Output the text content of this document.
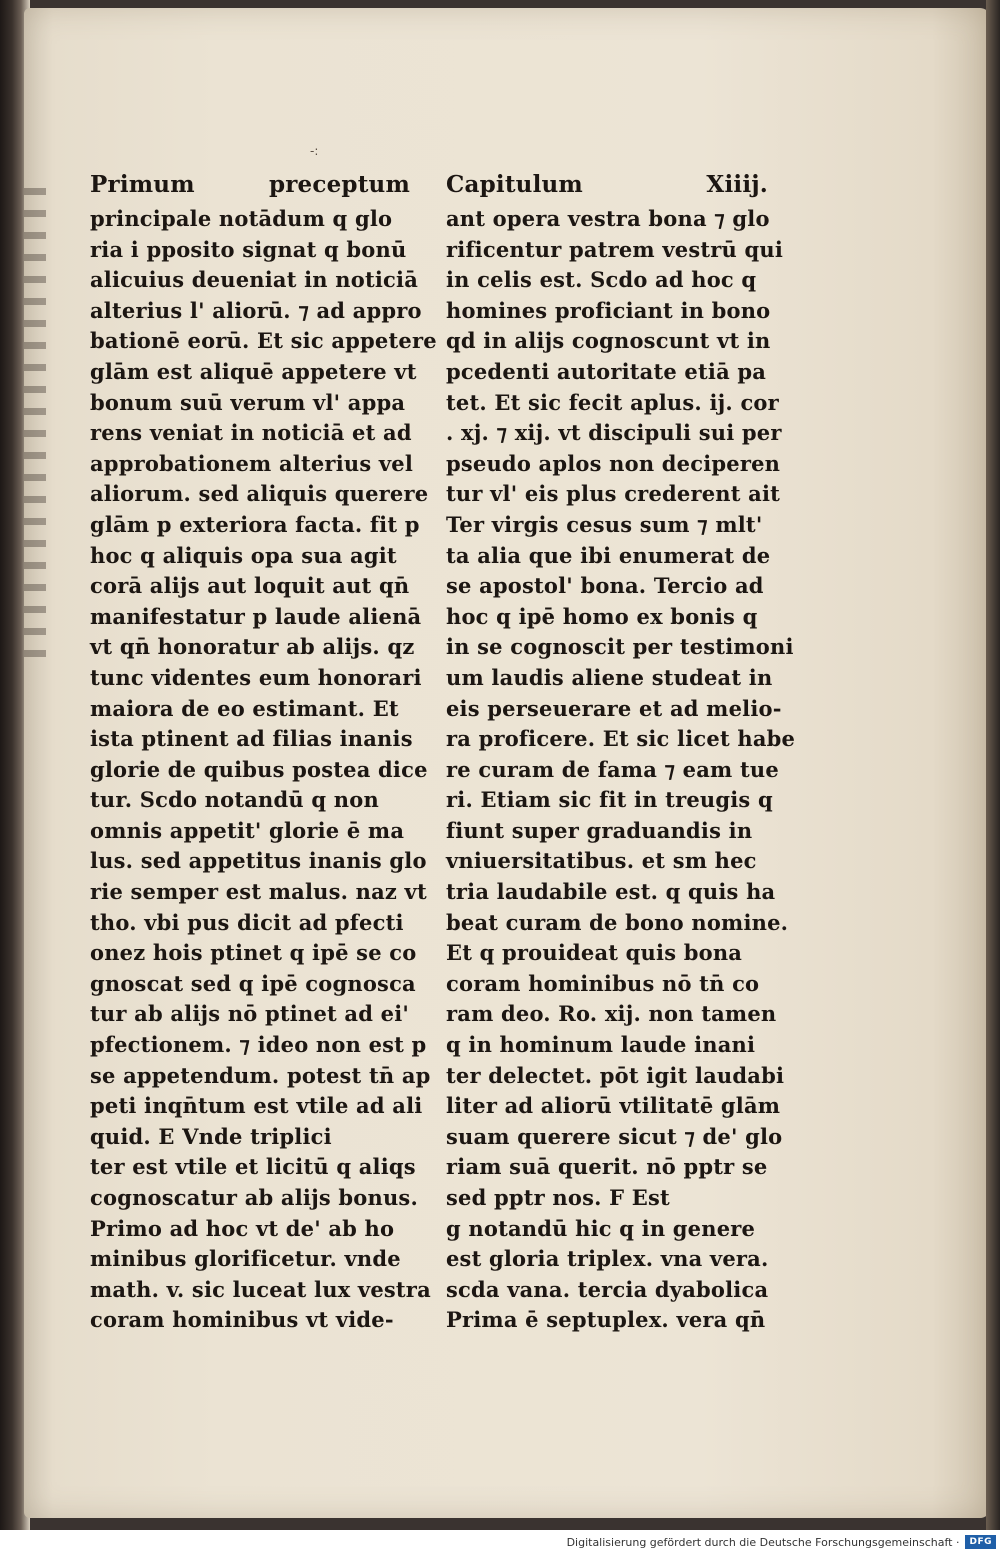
-:
Primum	preceptum
principale notādum q glo
ria i pposito signat q bonū
alicuius deueniat in noticiā
alterius l' aliorū. ⁊ ad appro
bationē eorū. Et sic appetere
glām est aliquē appetere vt
bonum suū verum vl' appa
rens veniat in noticiā et ad
approbationem alterius vel
aliorum. sed aliquis querere
glām p exteriora facta. fit p
hoc q aliquis opa sua agit
corā alijs aut loquit aut qn̄
manifestatur p laude alienā
vt qn̄ honoratur ab alijs. qz
tunc videntes eum honorari
maiora de eo estimant. Et
ista ptinent ad filias inanis
glorie de quibus postea dice
tur. Scdo notandū q non
omnis appetit' glorie ē ma
lus. sed appetitus inanis glo
rie semper est malus. naz vt
tho. vbi pus dicit ad pfecti
onez hois ptinet q ipē se co
gnoscat sed q ipē cognosca
tur ab alijs nō ptinet ad ei'
pfectionem. ⁊ ideo non est p
se appetendum. potest tn̄ ap
peti inqn̄tum est vtile ad ali
quid. E Vnde triplici
ter est vtile et licitū q aliqs
cognoscatur ab alijs bonus.
Primo ad hoc vt de' ab ho
minibus glorificetur. vnde
math. v. sic luceat lux vestra
coram hominibus vt vide-
Capitulum	Xiiij.
ant opera vestra bona ⁊ glo
rificentur patrem vestrū qui
in celis est. Scdo ad hoc q
homines proficiant in bono
qd in alijs cognoscunt vt in
pcedenti autoritate etiā pa
tet. Et sic fecit aplus. ij. cor
. xj. ⁊ xij. vt discipuli sui per
pseudo aplos non deciperen
tur vl' eis plus crederent ait
Ter virgis cesus sum ⁊ mlt'
ta alia que ibi enumerat de
se apostol' bona. Tercio ad
hoc q ipē homo ex bonis q
in se cognoscit per testimoni
um laudis aliene studeat in
eis perseuerare et ad melio-
ra proficere. Et sic licet habe
re curam de fama ⁊ eam tue
ri. Etiam sic fit in treugis q
fiunt super graduandis in
vniuersitatibus. et sm hec
tria laudabile est. q quis ha
beat curam de bono nomine.
Et q prouideat quis bona
coram hominibus nō tn̄ co
ram deo. Ro. xij. non tamen
q in hominum laude inani
ter delectet. pōt igit laudabi
liter ad aliorū vtilitatē glām
suam querere sicut ⁊ de' glo
riam suā querit. nō pptr se
sed pptr nos. F Est
g notandū hic q in genere
est gloria triplex. vna vera.
scda vana. tercia dyabolica
Prima ē septuplex. vera qn̄
Digitalisierung gefördert durch die Deutsche Forschungsgemeinschaft ·	DFG
